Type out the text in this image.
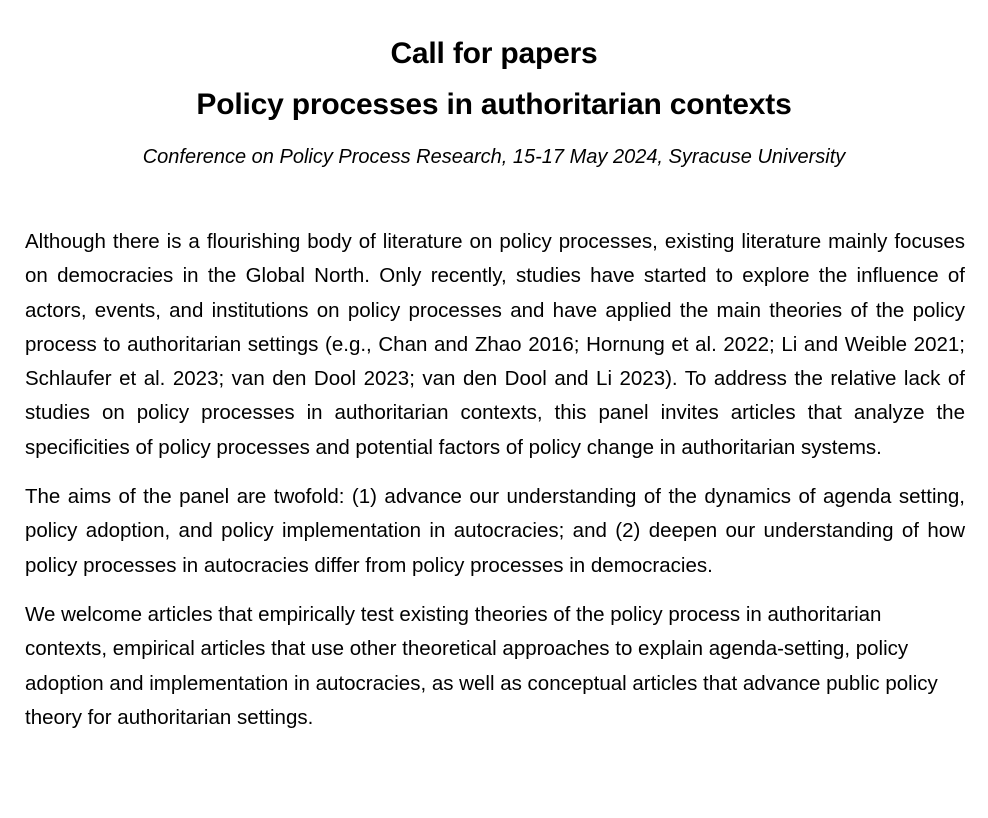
Call for papers
Policy processes in authoritarian contexts

Conference on Policy Process Research, 15-17 May 2024, Syracuse University

Although there is a flourishing body of literature on policy processes, existing literature mainly focuses on democracies in the Global North. Only recently, studies have started to explore the influence of actors, events, and institutions on policy processes and have applied the main theories of the policy process to authoritarian settings (e.g., Chan and Zhao 2016; Hornung et al. 2022; Li and Weible 2021; Schlaufer et al. 2023; van den Dool 2023; van den Dool and Li 2023). To address the relative lack of studies on policy processes in authoritarian contexts, this panel invites articles that analyze the specificities of policy processes and potential factors of policy change in authoritarian systems.

The aims of the panel are twofold: (1) advance our understanding of the dynamics of agenda setting, policy adoption, and policy implementation in autocracies; and (2) deepen our understanding of how policy processes in autocracies differ from policy processes in democracies.

We welcome articles that empirically test existing theories of the policy process in authoritarian contexts, empirical articles that use other theoretical approaches to explain agenda-setting, policy adoption and implementation in autocracies, as well as conceptual articles that advance public policy theory for authoritarian settings.
